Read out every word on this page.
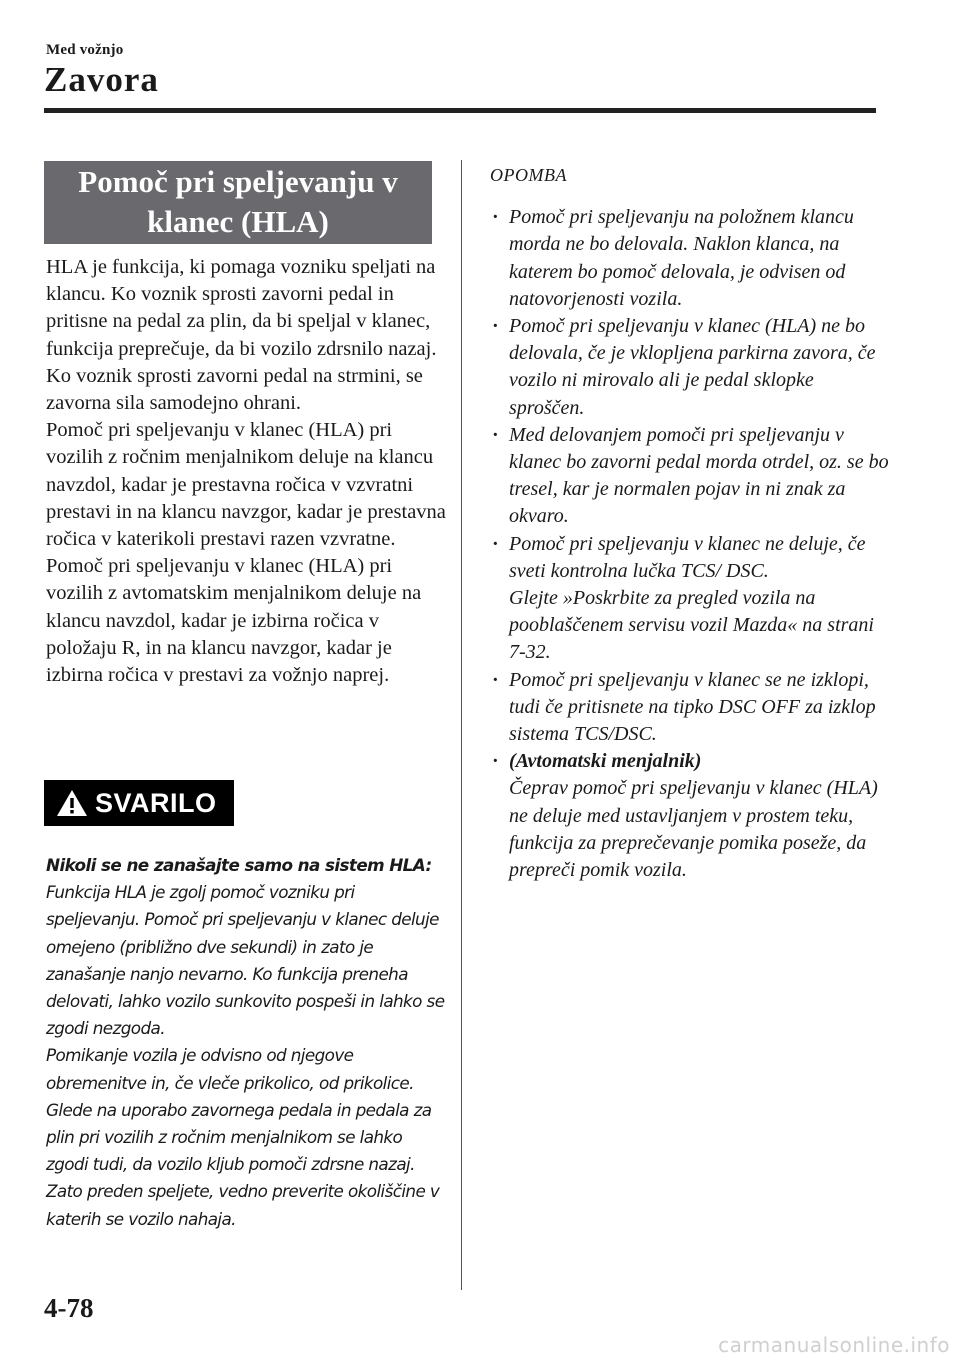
Med vožnjo
Zavora
Pomoč pri speljevanju v
klanec (HLA)

HLA je funkcija, ki pomaga vozniku speljati na klancu. Ko voznik sprosti zavorni pedal in pritisne na pedal za plin, da bi speljal v klanec, funkcija preprečuje, da bi vozilo zdrsnilo nazaj. Ko voznik sprosti zavorni pedal na strmini, se zavorna sila samodejno ohrani.

Pomoč pri speljevanju v klanec (HLA) pri vozilih z ročnim menjalnikom deluje na klancu navzdol, kadar je prestavna ročica v vzvratni prestavi in na klancu navzgor, kadar je prestavna ročica v katerikoli prestavi razen vzvratne.

Pomoč pri speljevanju v klanec (HLA) pri vozilih z avtomatskim menjalnikom deluje na klancu navzdol, kadar je izbirna ročica v položaju R, in na klancu navzgor, kadar je izbirna ročica v prestavi za vožnjo naprej.

SVARILO

Nikoli se ne zanašajte samo na sistem HLA:

Funkcija HLA je zgolj pomoč vozniku pri speljevanju. Pomoč pri speljevanju v klanec deluje omejeno (približno dve sekundi) in zato je zanašanje nanjo nevarno. Ko funkcija preneha delovati, lahko vozilo sunkovito pospeši in lahko se zgodi nezgoda.

Pomikanje vozila je odvisno od njegove obremenitve in, če vleče prikolico, od prikolice. Glede na uporabo zavornega pedala in pedala za plin pri vozilih z ročnim menjalnikom se lahko zgodi tudi, da vozilo kljub pomoči zdrsne nazaj.

Zato preden speljete, vedno preverite okoliščine v katerih se vozilo nahaja.

OPOMBA
· Pomoč pri speljevanju na položnem klancu morda ne bo delovala. Naklon klanca, na katerem bo pomoč delovala, je odvisen od natovorjenosti vozila.
· Pomoč pri speljevanju v klanec (HLA) ne bo delovala, če je vklopljena parkirna zavora, če vozilo ni mirovalo ali je pedal sklopke sproščen.
· Med delovanjem pomoči pri speljevanju v klanec bo zavorni pedal morda otrdel, oz. se bo tresel, kar je normalen pojav in ni znak za okvaro.
· Pomoč pri speljevanju v klanec ne deluje, če sveti kontrolna lučka TCS/ DSC.
Glejte »Poskrbite za pregled vozila na pooblaščenem servisu vozil Mazda« na strani 7-32.
· Pomoč pri speljevanju v klanec se ne izklopi, tudi če pritisnete na tipko DSC OFF za izklop sistema TCS/DSC.
· (Avtomatski menjalnik)
Čeprav pomoč pri speljevanju v klanec (HLA) ne deluje med ustavljanjem v prostem teku, funkcija za preprečevanje pomika poseže, da prepreči pomik vozila.
4-78
carmanualsonline.info
